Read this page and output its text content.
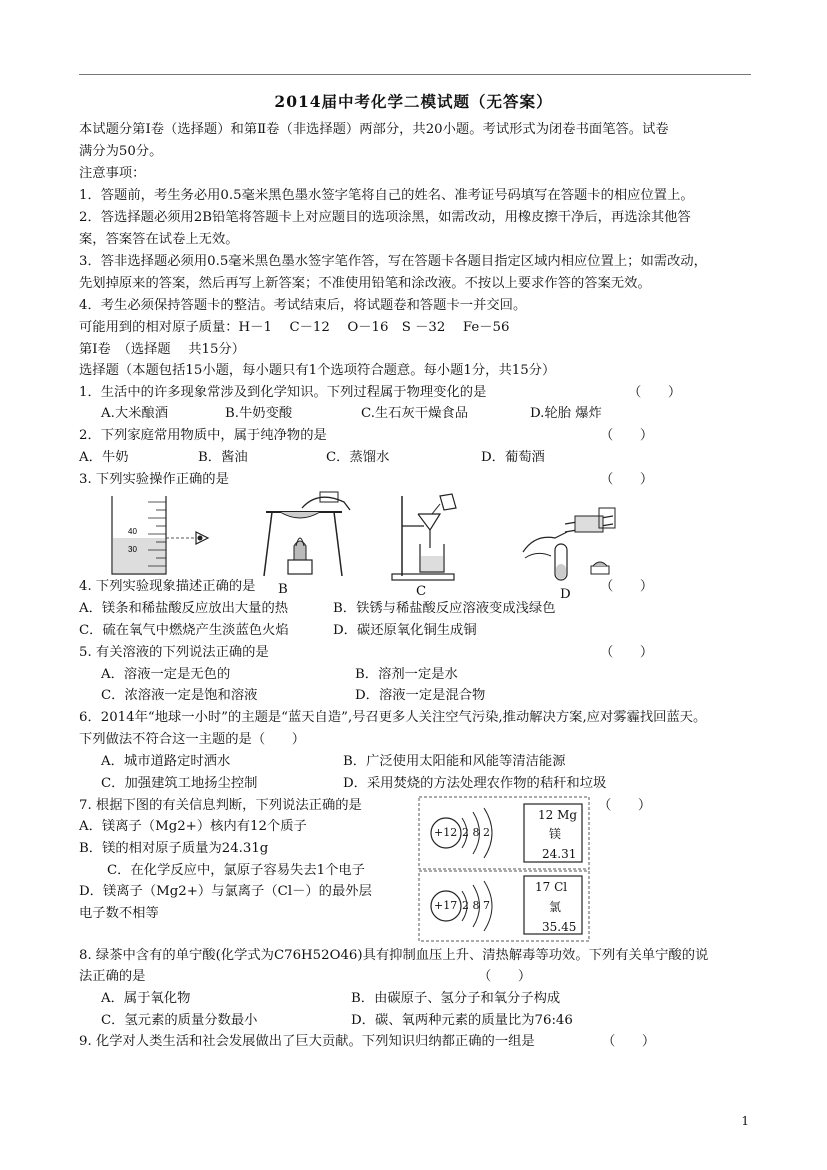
2014届中考化学二模试题（无答案）
本试题分第Ⅰ卷（选择题）和第Ⅱ卷（非选择题）两部分，共20小题。考试形式为闭卷书面笔答。试卷
满分为50分。
注意事项：
1．答题前，考生务必用0.5毫米黑色墨水签字笔将自己的姓名、准考证号码填写在答题卡的相应位置上。
2．答选择题必须用2B铅笔将答题卡上对应题目的选项涂黑，如需改动，用橡皮擦干净后，再选涂其他答
案，答案答在试卷上无效。
3．答非选择题必须用0.5毫米黑色墨水签字笔作答，写在答题卡各题目指定区域内相应位置上；如需改动，
先划掉原来的答案，然后再写上新答案；不准使用铅笔和涂改液。不按以上要求作答的答案无效。
4．考生必须保持答题卡的整洁。考试结束后，将试题卷和答题卡一并交回。
可能用到的相对原子质量：H－1　 C－12　 O－16　S －32　 Fe－56
第Ⅰ卷　（选择题　 共15分）
选择题（本题包括15小题，每小题只有1个选项符合题意。每小题1分，共15分）
1．生活中的许多现象常涉及到化学知识。下列过程属于物理变化的是	（　　）
A.大米酿酒	B.牛奶变酸	C.生石灰干燥食品	D.轮胎 爆炸
2．下列家庭常用物质中，属于纯净物的是	（　　）
A．牛奶	B．酱油	C．蒸馏水	D．葡萄酒
3. 下列实验操作正确的是	（　　）
40
30
B	C	D
4. 下列实验现象描述正确的是	（　　）
A．镁条和稀盐酸反应放出大量的热	B．铁锈与稀盐酸反应溶液变成浅绿色
C．硫在氧气中燃烧产生淡蓝色火焰	D．碳还原氧化铜生成铜
5. 有关溶液的下列说法正确的是	（　　）
A．溶液一定是无色的	B．溶剂一定是水
C．浓溶液一定是饱和溶液	D．溶液一定是混合物
6．2014年“地球一小时”的主题是“蓝天自造”,号召更多人关注空气污染,推动解决方案,应对雾霾找回蓝天。
下列做法不符合这一主题的是（　　）
A．城市道路定时洒水	B．广泛使用太阳能和风能等清洁能源
C．加强建筑工地扬尘控制	D．采用焚烧的方法处理农作物的秸秆和垃圾
7. 根据下图的有关信息判断，下列说法正确的是	（　　）
A．镁离子（Mg2+）核内有12个质子
B．镁的相对原子质量为24.31g
C．在化学反应中，氯原子容易失去1个电子
D．镁离子（Mg2+）与氯离子（Cl－）的最外层
电子数不相等
+12 2 8 2
12 Mg
镁
24.31
+17 2 8 7
17 Cl
氯
35.45
8. 绿茶中含有的单宁酸(化学式为C76H52O46)具有抑制血压上升、清热解毒等功效。下列有关单宁酸的说
法正确的是	（　　）
A．属于氧化物	B．由碳原子、氢分子和氧分子构成
C．氢元素的质量分数最小	D．碳、氧两种元素的质量比为76:46
9. 化学对人类生活和社会发展做出了巨大贡献。下列知识归纳都正确的一组是	（　　）
1
